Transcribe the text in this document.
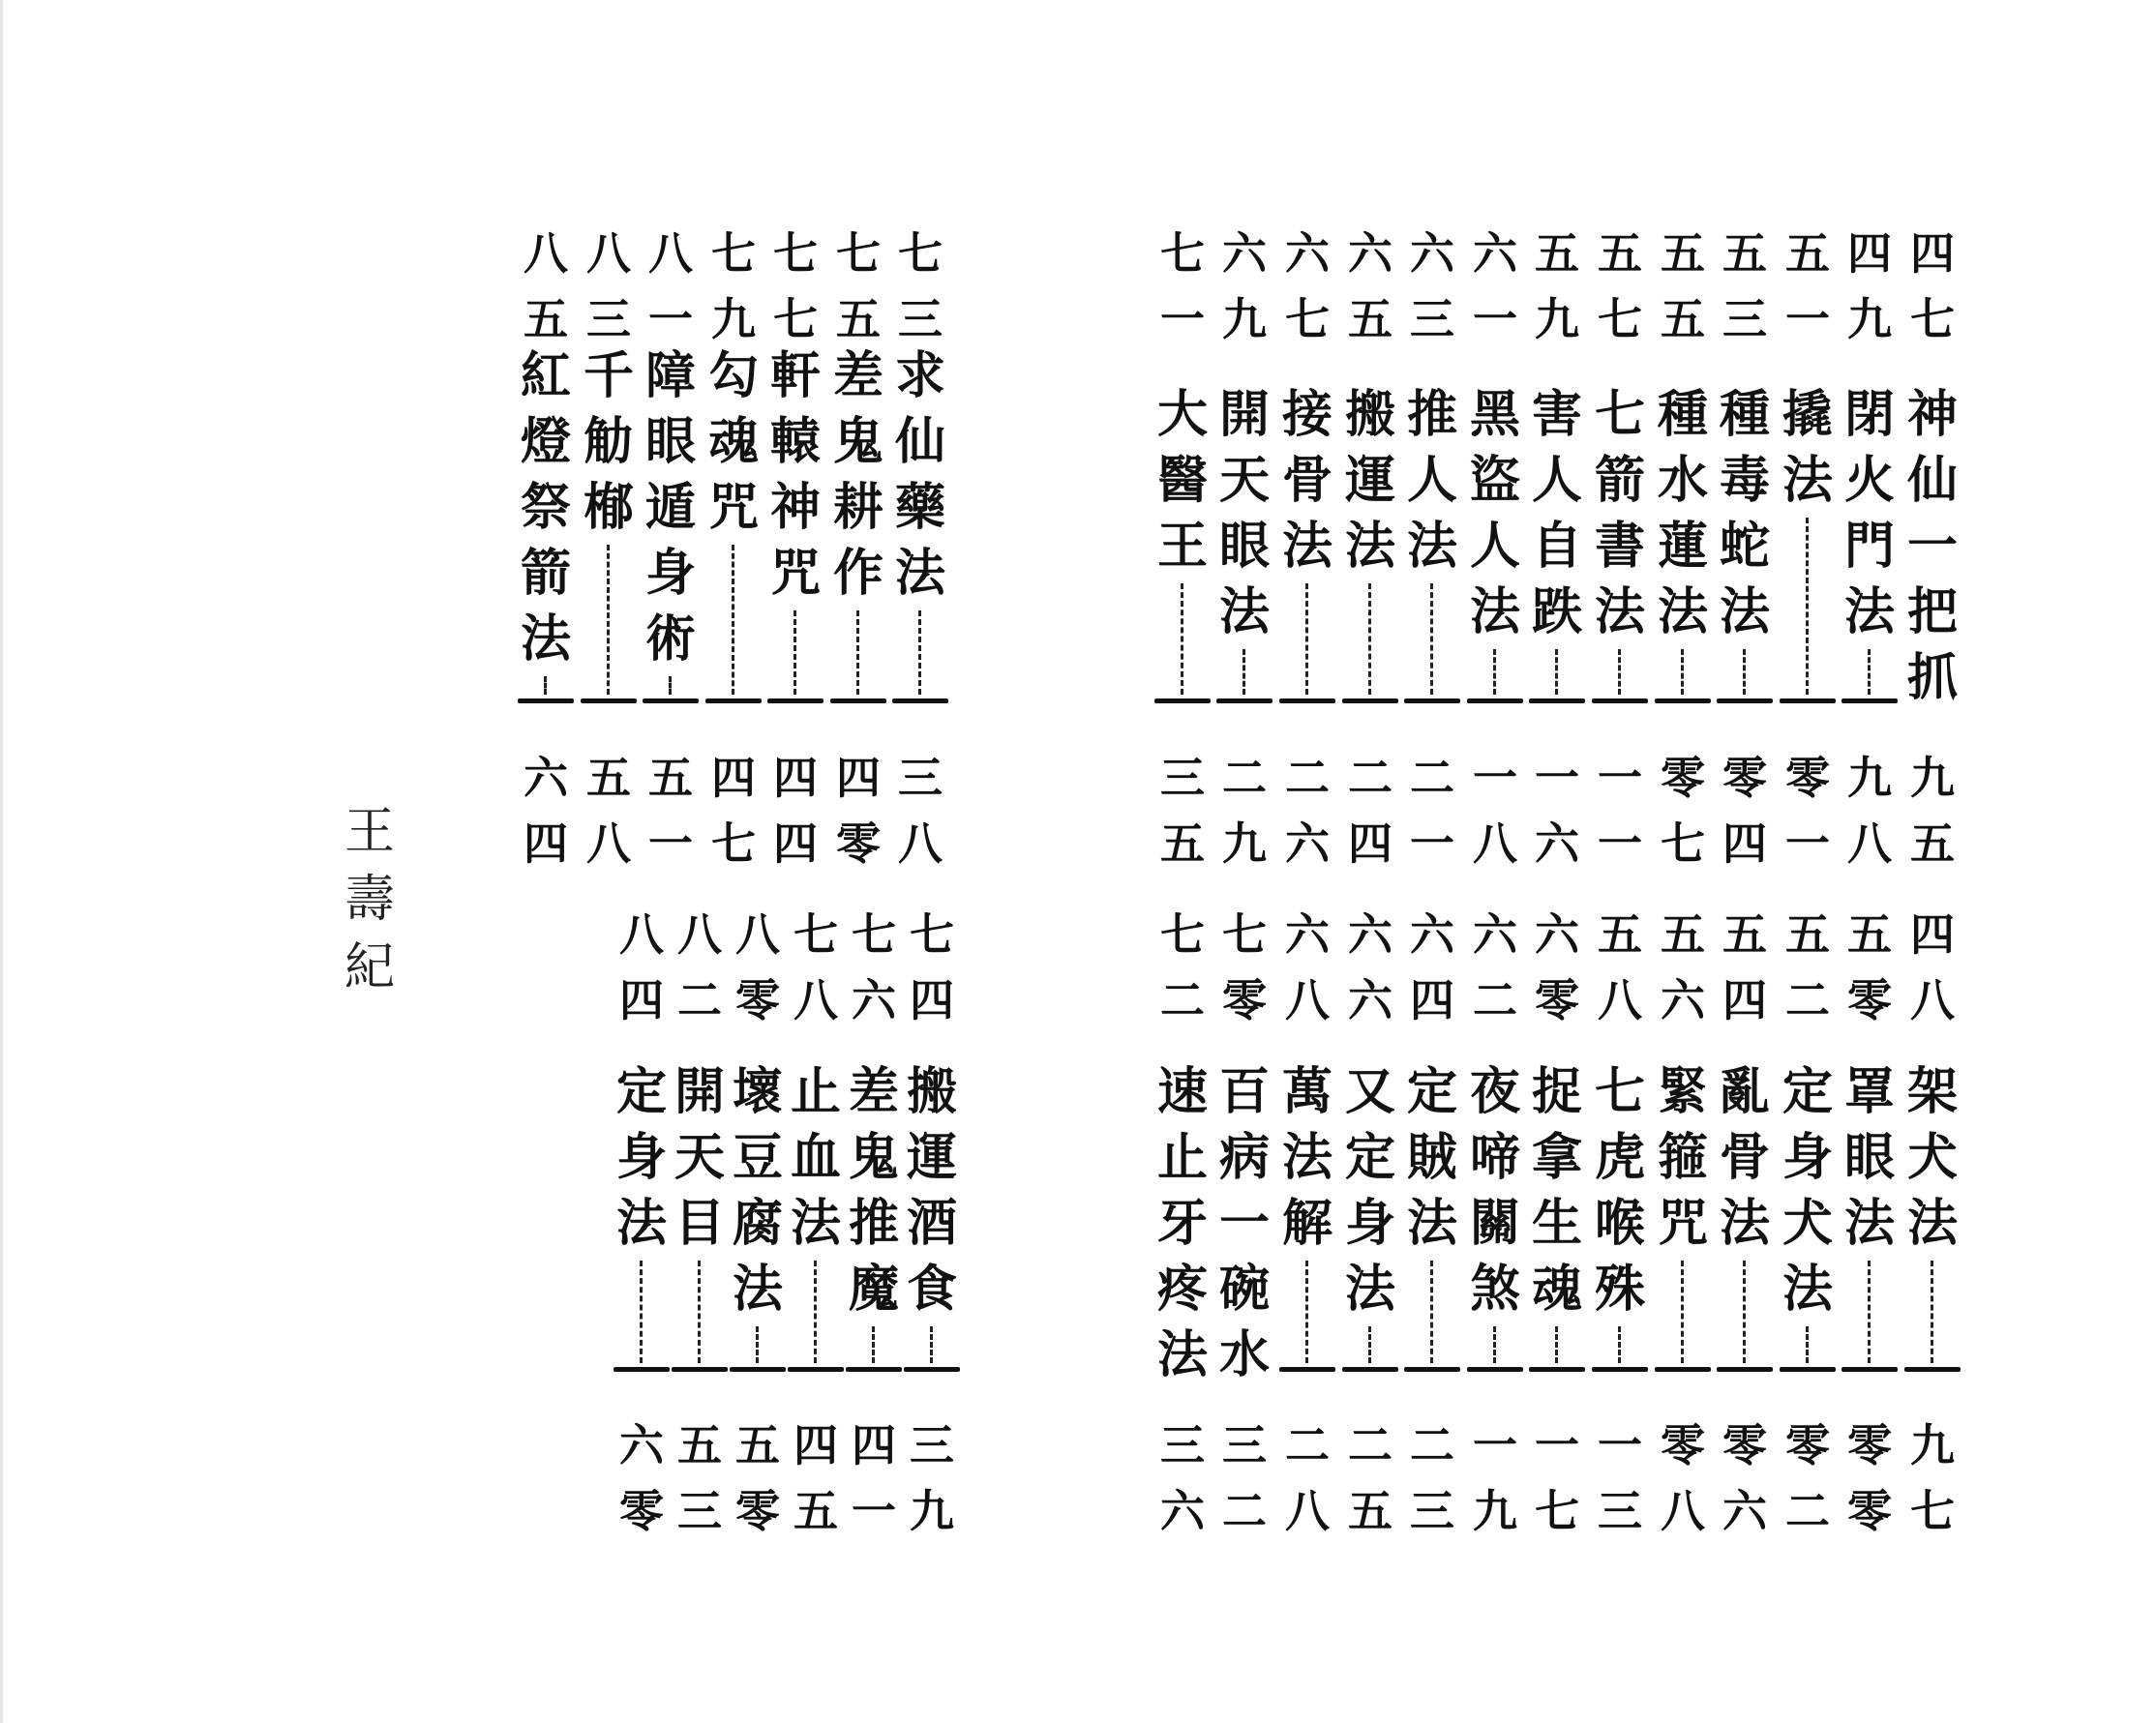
王
壽
紀
四
七
神
仙
一
把
抓
九
五
四
九
閉
火
門
法
九
八
五
一
撬
法
零
一
五
三
種
毒
蛇
法
零
四
五
五
種
水
蓮
法
零
七
五
七
七
箭
書
法
一
一
五
九
害
人
自
跌
一
六
六
一
黑
盜
人
法
一
八
六
三
推
人
法
二
一
六
五
搬
運
法
二
四
六
七
接
骨
法
二
六
六
九
開
天
眼
法
二
九
七
一
大
醫
王
三
五
四
八
架
犬
法
九
七
五
零
罩
眼
法
零
零
五
二
定
身
犬
法
零
二
五
四
亂
骨
法
零
六
五
六
緊
箍
咒
零
八
五
八
七
虎
喉
殊
一
三
六
零
捉
拿
生
魂
一
七
六
二
夜
啼
關
煞
一
九
六
四
定
賊
法
二
三
六
六
又
定
身
法
二
五
六
八
萬
法
解
二
八
七
零
百
病
一
碗
水
三
二
七
二
速
止
牙
疼
法
三
六
七
三
求
仙
藥
法
三
八
七
五
差
鬼
耕
作
四
零
七
七
軒
轅
神
咒
四
四
七
九
勾
魂
咒
四
七
八
一
障
眼
遁
身
術
五
一
八
三
千
觔
㮋
五
八
八
五
紅
燈
祭
箭
法
六
四
七
四
搬
運
酒
食
三
九
七
六
差
鬼
推
魔
四
一
七
八
止
血
法
四
五
八
零
壞
豆
腐
法
五
零
八
二
開
天
目
五
三
八
四
定
身
法
六
零
